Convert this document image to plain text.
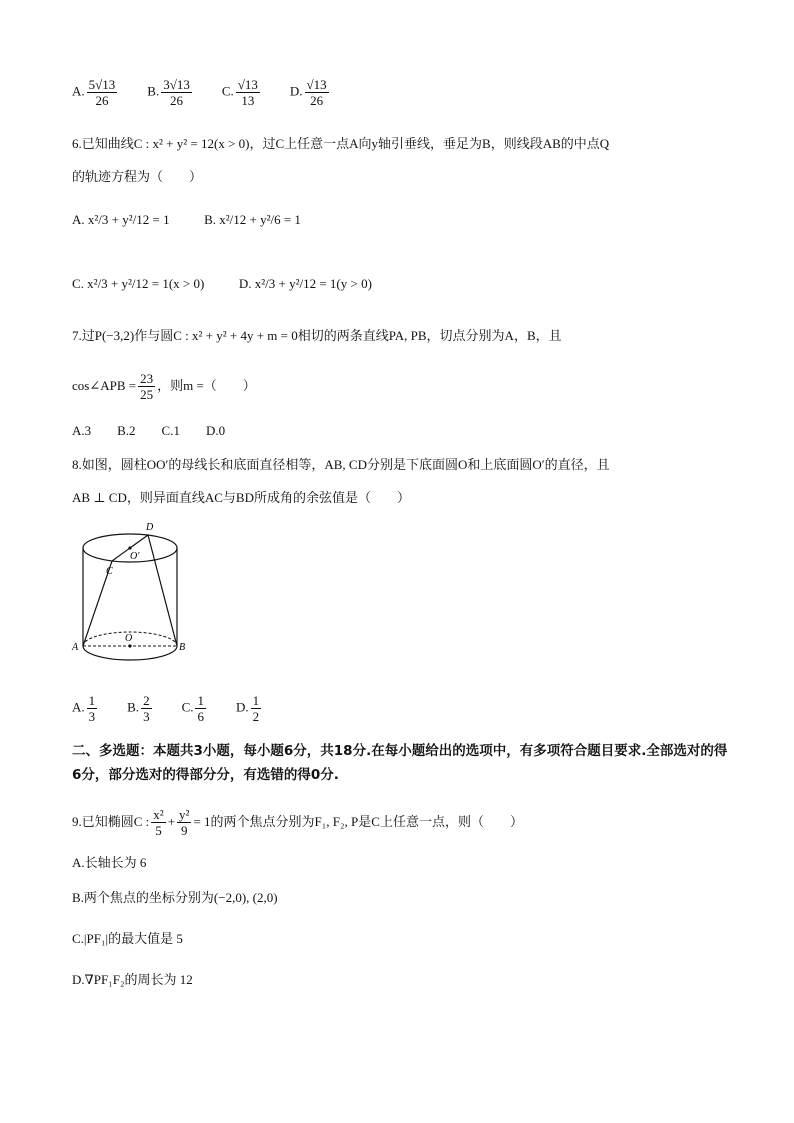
A. $\frac{5√13}{26} B$. $\frac{3√13}{26} C$. $\frac{√13}{13} D$. $\frac{√13}{26}$
6.已知曲线C : x² + y² = 12(x > 0)，过C上任意一点A向y轴引垂线，垂足为B，则线段AB的中点Q
的轨迹方程为（　　）
A. x²/3 + y²/12 = 1	B. x²/12 + y²/6 = 1
C. x²/3 + y²/12 = 1(x > 0)	D. x²/3 + y²/12 = 1(y > 0)
7.过P(−3,2)作与圆C : x² + y² + 4y + m = 0相切的两条直线PA, PB，切点分别为A，B，且
cos∠APB = $\frac{23}{25}$ ，则m =（　　）
A.3　　B.2　　C.1　　D.0
8.如图，圆柱OO′的母线长和底面直径相等，AB, CD分别是下底面圆O和上底面圆O′的直径，且
AB ⊥ CD，则异面直线AC与BD所成角的余弦值是（　　）
D
O′
C
A
O
B
A. $\frac{1}{3} B$. $\frac{2}{3} C$. $\frac{1}{6} D$. $\frac{1}{2}$
二、多选题：本题共3小题，每小题6分，共18分.在每小题给出的选项中，有多项符合题目要求.全部选对的得6分，部分选对的得部分分，有选错的得0分.
9.已知椭圆C : $\frac{\text{x²}}{5} + \frac{\text{y²}}{9} = 1$的两个焦点分别为F₁, F₂, P是C上任意一点，则（　　）
A.长轴长为 6
B.两个焦点的坐标分别为(−2,0), (2,0)
C.|PF₁|的最大值是 5
D.∇PF₁F₂的周长为 12
